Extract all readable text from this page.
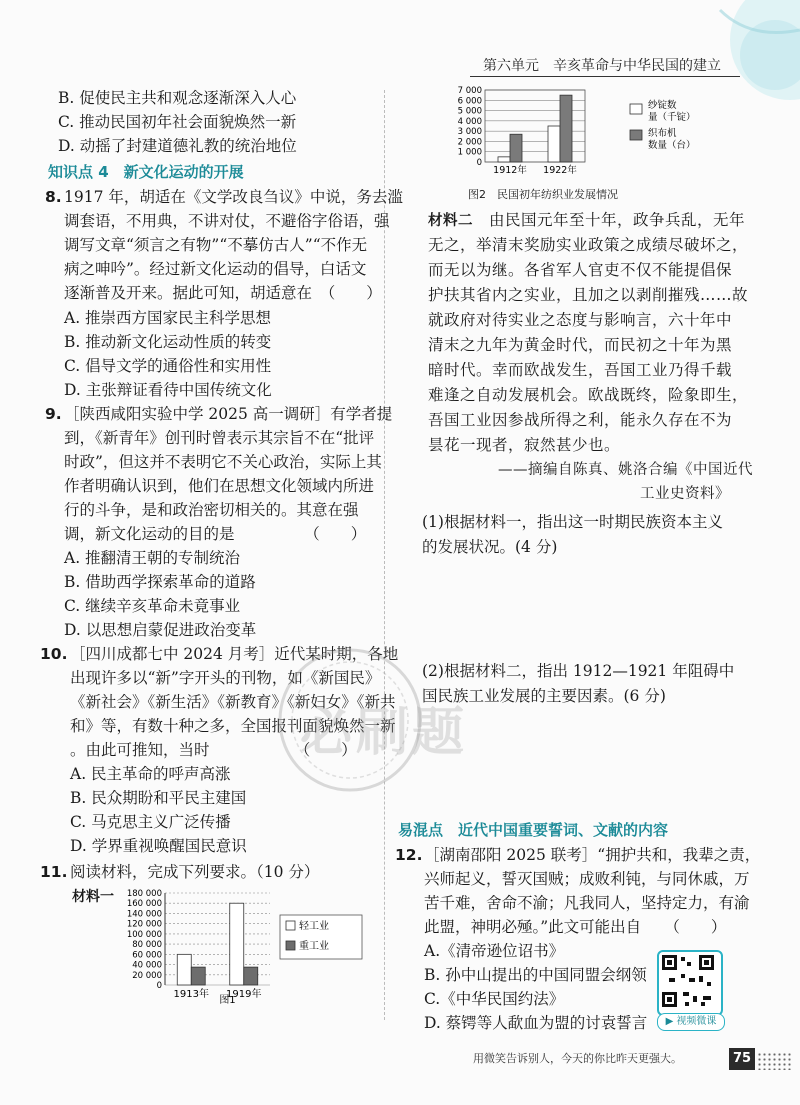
第六单元　辛亥革命与中华民国的建立
B. 促使民主共和观念逐渐深入人心
C. 推动民国初年社会面貌焕然一新
D. 动摇了封建道德礼教的统治地位
知识点 4　新文化运动的开展
8. 1917 年，胡适在《文学改良刍议》中说，务去滥
调套语，不用典，不讲对仗，不避俗字俗语，强
调写文章“须言之有物”“不摹仿古人”“不作无
病之呻吟”。经过新文化运动的倡导，白话文
逐渐普及开来。据此可知，胡适意在　（　　）
A. 推崇西方国家民主科学思想
B. 推动新文化运动性质的转变
C. 倡导文学的通俗性和实用性
D. 主张辩证看待中国传统文化
9. ［陕西咸阳实验中学 2025 高一调研］有学者提
到，《新青年》创刊时曾表示其宗旨不在“批评
时政”，但这并不表明它不关心政治，实际上其
作者明确认识到，他们在思想文化领域内所进
行的斗争，是和政治密切相关的。其意在强
调，新文化运动的目的是　　　　　（　　）
A. 推翻清王朝的专制统治
B. 借助西学探索革命的道路
C. 继续辛亥革命未竟事业
D. 以思想启蒙促进政治变革
10. ［四川成都七中 2024 月考］近代某时期，各地
出现许多以“新”字开头的刊物，如《新国民》
《新社会》《新生活》《新教育》《新妇女》《新共
和》等，有数十种之多，全国报刊面貌焕然一新
。由此可推知，当时　　　　　　（　　）
A. 民主革命的呼声高涨
B. 民众期盼和平民主建国
C. 马克思主义广泛传播
D. 学界重视唤醒国民意识
11. 阅读材料，完成下列要求。（10 分）
材料一
0
20 000
40 000
60 000
80 000
100 000
120 000
140 000
160 000
180 000
1913年 1919年
轻工业
重工业
图1
0
1 000
2 000
3 000
4 000
5 000
6 000
7 000
1912年 1922年
纱锭数
量（千锭）
织布机
数量（台）
图2　民国初年纺织业发展情况
材料二 由民国元年至十年，政争兵乱，无年
无之，举清末奖励实业政策之成绩尽破坏之，
而无以为继。各省军人官吏不仅不能提倡保
护扶其省内之实业，且加之以剥削摧残……故
就政府对待实业之态度与影响言，六十年中
清末之九年为黄金时代，而民初之十年为黑
暗时代。幸而欧战发生，吾国工业乃得千载
难逢之自动发展机会。欧战既终，险象即生，
吾国工业因参战所得之利，能永久存在不为
昙花一现者，寂然甚少也。
——摘编自陈真、姚洛合编《中国近代
工业史资料》
(1)根据材料一，指出这一时期民族资本主义
的发展状况。(4 分)
(2)根据材料二，指出 1912—1921 年阻碍中
国民族工业发展的主要因素。(6 分)
易混点　近代中国重要誓词、文献的内容
12. ［湖南邵阳 2025 联考］“拥护共和，我辈之责，
兴师起义，誓灭国贼；成败利钝，与同休戚，万
苦千难，舍命不渝；凡我同人，坚持定力，有渝
此盟，神明必殛。”此文可能出自　　（　　）
A.《清帝逊位诏书》
B. 孙中山提出的中国同盟会纲领
C.《中华民国约法》
D. 蔡锷等人歃血为盟的讨袁誓言	▶ 视频微课
必刷题
用微笑告诉别人，今天的你比昨天更强大。	75
